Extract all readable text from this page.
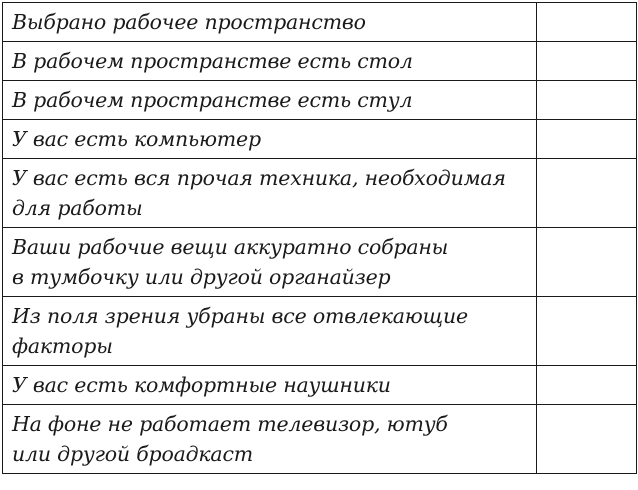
Выбрано рабочее пространство	

В рабочем пространстве есть стол	

В рабочем пространстве есть стул	

У вас есть компьютер	

У вас есть вся прочая техника, необходимая
для работы	

Ваши рабочие вещи аккуратно собраны
в тумбочку или другой органайзер	

Из поля зрения убраны все отвлекающие
факторы	

У вас есть комфортные наушники	

На фоне не работает телевизор, ютуб
или другой броадкаст	
